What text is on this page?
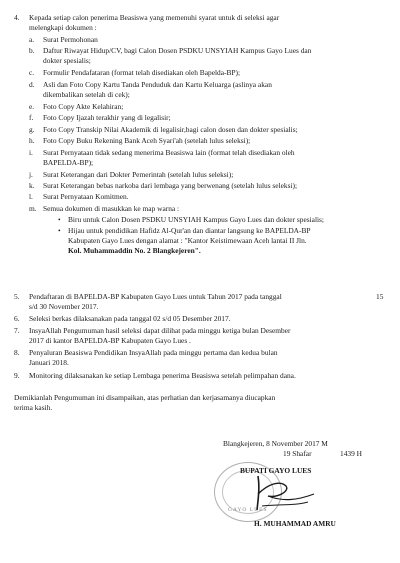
4. Kepada setiap calon penerima Beasiswa yang memenuhi syarat untuk di seleksi agar
melengkapi dokumen :
a. Surat Permohonan
b. Daftur Riwayat Hidup/CV, bagi Calon Dosen PSDKU UNSYIAH Kampus Gayo Lues dan
dokter spesialis;
c. Formulir Pendafataran (format telah disediakan oleh Bapelda-BP);
d. Asli dan Foto Copy Kartu Tanda Penduduk dan Kartu Keluarga (aslinya akan
dikembalikan setelah di cek);
e. Foto Copy Akte Kelahiran;
f. Foto Copy Ijazah terakhir yang di legalisir;
g. Foto Copy Transkip Nilai Akademik di legalisir,bagi calon dosen dan dokter spesialis;
h. Foto Copy Buku Rekening Bank Aceh Syari'ah (setelah lulus seleksi);
i. Surat Pernyataan tidak sedang menerima Beasiswa lain (format telah disediakan oleh
BAPELDA-BP);
j. Surat Keterangan dari Dokter Pemerintah (setelah lulus seleksi);
k. Surat Keterangan bebas narkoba dari lembaga yang berwenang (setelah lulus seleksi);
l. Surat Pernyataan Komitmen.
m. Semua dokumen di masukkan ke map warna :
• Biru untuk Calon Dosen PSDKU UNSYIAH Kampus Gayo Lues dan dokter spesialis;
• Hijau untuk pendidikan Hafidz Al-Qur'an dan diantar langsung ke BAPELDA-BP
Kabupaten Gayo Lues dengan alamat : "Kantor Keistimewaan Aceh lantai II Jln.
Kol. Muhammaddin No. 2 Blangkejeren".
5. Pendaftaran di BAPELDA-BP Kabupaten Gayo Lues untuk Tahun 2017 pada tanggal	15
s/d 30 November 2017.
6. Seleksi berkas dilaksanakan pada tanggal 02 s/d 05 Desember 2017.
7. InsyaAllah Pengumuman hasil seleksi dapat dilihat pada minggu ketiga bulan Desember
2017 di kantor BAPELDA-BP Kabupaten Gayo Lues .
8. Penyaluran Beasiswa Pendidikan InsyaAllah pada minggu pertama dan kedua bulan
Januari 2018.
9. Monitoring dilaksanakan ke setiap Lembaga penerima Beasiswa setelah pelimpahan dana.
Demikianlah Pengumuman ini disampaikan, atas perhatian dan kerjasamanya diucapkan
terima kasih.
Blangkejeren, 8 November 2017 M
19 Shafar	1439 H
GAYO LUES
BUPATI GAYO LUES
H. MUHAMMAD AMRU
